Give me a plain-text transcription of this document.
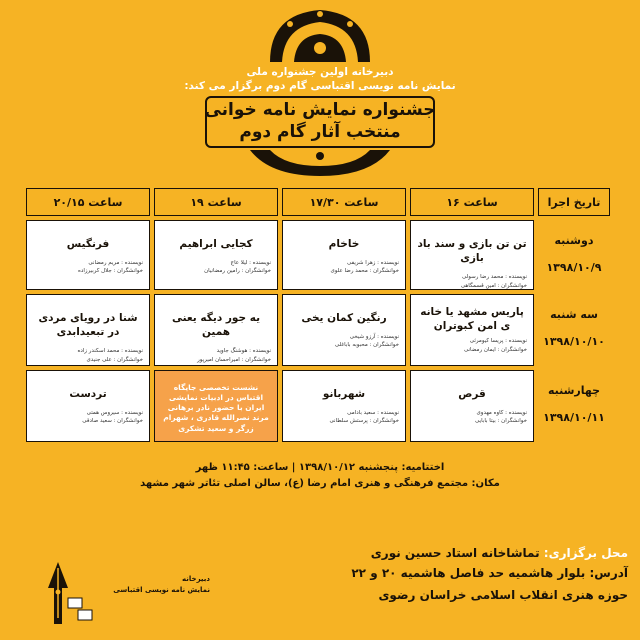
دبیرخانه اولین جشنواره ملی
نمایش نامه نویسی اقتباسی گام دوم برگزار می کند:
جشنواره نمایش نامه خوانی
منتخب آثار گام دوم
تاریخ اجرا
ساعت ۱۶
ساعت ۱۷/۳۰
ساعت ۱۹
ساعت ۲۰/۱۵
دوشنبه
۱۳۹۸/۱۰/۹
تن تن بازی و سند باد بازی
نویسنده : محمد رضا رسولی
خوانشگران : امین قسمگاهی
خاخام
نویسنده : زهرا شریفی
خوانشگران : محمد رضا علوی
کجایی ابراهیم
نویسنده : لیلا عاج
خوانشگران : رامین رمضانیان
فرنگیس
نویسنده : مریم رمضانی
خوانشگران : جلال کربیرزاده
سه شنبه
۱۳۹۸/۱۰/۱۰
پاریس مشهد یا خانه ی امن کبوتران
نویسنده : پریسا کیومرثی
خوانشگران : ایمان رمضانی
رنگین کمان یخی
نویسنده : آرزو شیخی
خوانشگران : محبوبه باباغلی
یه جور دیگه یعنی همین
نویسنده : هوشنگ جاوید
خوانشگران : امیراحسان امیرپور
شنا در رویای مردی در تبعیدابدی
نویسنده : محمد اسکندر زاده
خوانشگران : علی جنیدی
چهارشنبه
۱۳۹۸/۱۰/۱۱
قرص
نویسنده : کاوه مهدوی
خوانشگران : بیتا بابایی
شهربانو
نویسنده : سعید بادامی
خوانشگران : پرستش سلطانی
نشست تخصصی جایگاه اقتباس در ادبیات نمایشی ایران با حضور نادر برهانی مرند نصرالله قادری ، شهرام زرگر و سعید تشکری
تردست
نویسنده : سیروس همتی
خوانشگران : سعید صادقی
اختتامیه: پنجشنبه ۱۳۹۸/۱۰/۱۲ | ساعت: ۱۱:۴۵ ظهر
مکان: مجتمع فرهنگی و هنری امام رضا (ع)، سالن اصلی تئاتر شهر مشهد
محل برگزاری: تماشاخانه استاد حسین نوری
آدرس: بلوار هاشمیه حد فاصل هاشمیه ۲۰ و ۲۲
حوزه هنری انقلاب اسلامی خراسان رضوی
دبیرخانه
نمایش نامه نویسی اقتباسی
